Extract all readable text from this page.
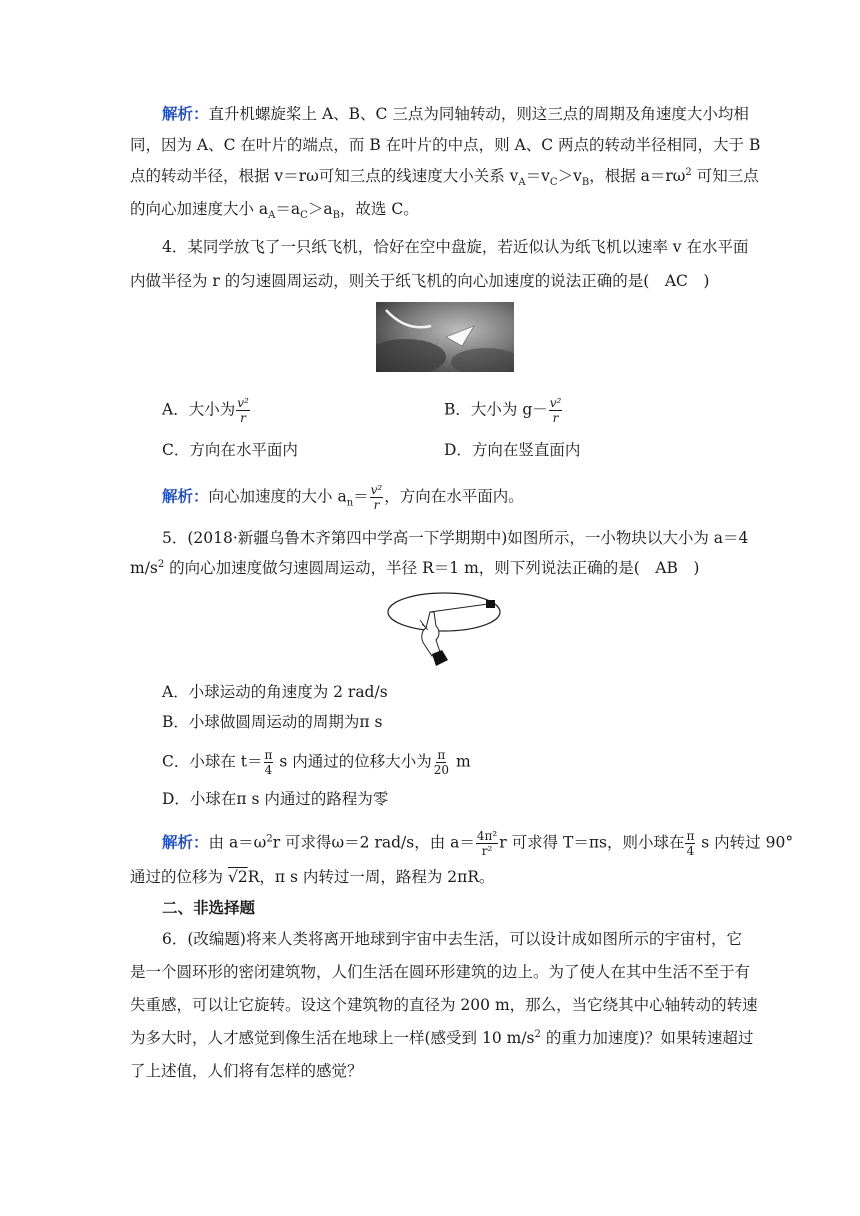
解析：直升机螺旋桨上 A、B、C 三点为同轴转动，则这三点的周期及角速度大小均相
同，因为 A、C 在叶片的端点，而 B 在叶片的中点，则 A、C 两点的转动半径相同，大于 B
点的转动半径，根据 v＝rω可知三点的线速度大小关系 $v_A=v_C>v_B$，根据 $a=r\omega^2$ 可知三点
的向心加速度大小 $a_A=a_C>a_B$，故选 C。
4．某同学放飞了一只纸飞机，恰好在空中盘旋，若近似认为纸飞机以速率 v 在水平面
内做半径为 r 的匀速圆周运动，则关于纸飞机的向心加速度的说法正确的是(　AC　)
A．大小为 $\frac{\text{v²}}{r}$	B．大小为 $g- \frac{\text{v²}}{r}$
C．方向在水平面内	D．方向在竖直面内
解析：向心加速度的大小 $a_n= \frac{\text{v²}}{r}$ ，方向在水平面内。
5．(2018·新疆乌鲁木齐第四中学高一下学期期中)如图所示，一小物块以大小为 a＝4
$m/s^2$ 的向心加速度做匀速圆周运动，半径 R＝1 m，则下列说法正确的是(　AB　)
A．小球运动的角速度为 2 rad/s
B．小球做圆周运动的周期为π s
C．小球在 $t= \frac{\pi}{4}$ s 内通过的位移大小为 $\frac{\pi}{20}$ m
D．小球在π s 内通过的路程为零
解析：由 $a=\omega^2r$ 可求得ω＝2 rad/s，由 $a= \frac{\text{4π²}}{\text{r²}}$ r 可求得 T＝πs，则小球在 $\frac{\pi}{4}$ s 内转过 90°
通过的位移为 √2R，π s 内转过一周，路程为 2πR。
二、非选择题
6．(改编题)将来人类将离开地球到宇宙中去生活，可以设计成如图所示的宇宙村，它
是一个圆环形的密闭建筑物，人们生活在圆环形建筑的边上。为了使人在其中生活不至于有
失重感，可以让它旋转。设这个建筑物的直径为 200 m，那么，当它绕其中心轴转动的转速
为多大时，人才感觉到像生活在地球上一样(感受到 10 $m/s^2$ 的重力加速度)？如果转速超过
了上述值，人们将有怎样的感觉？
